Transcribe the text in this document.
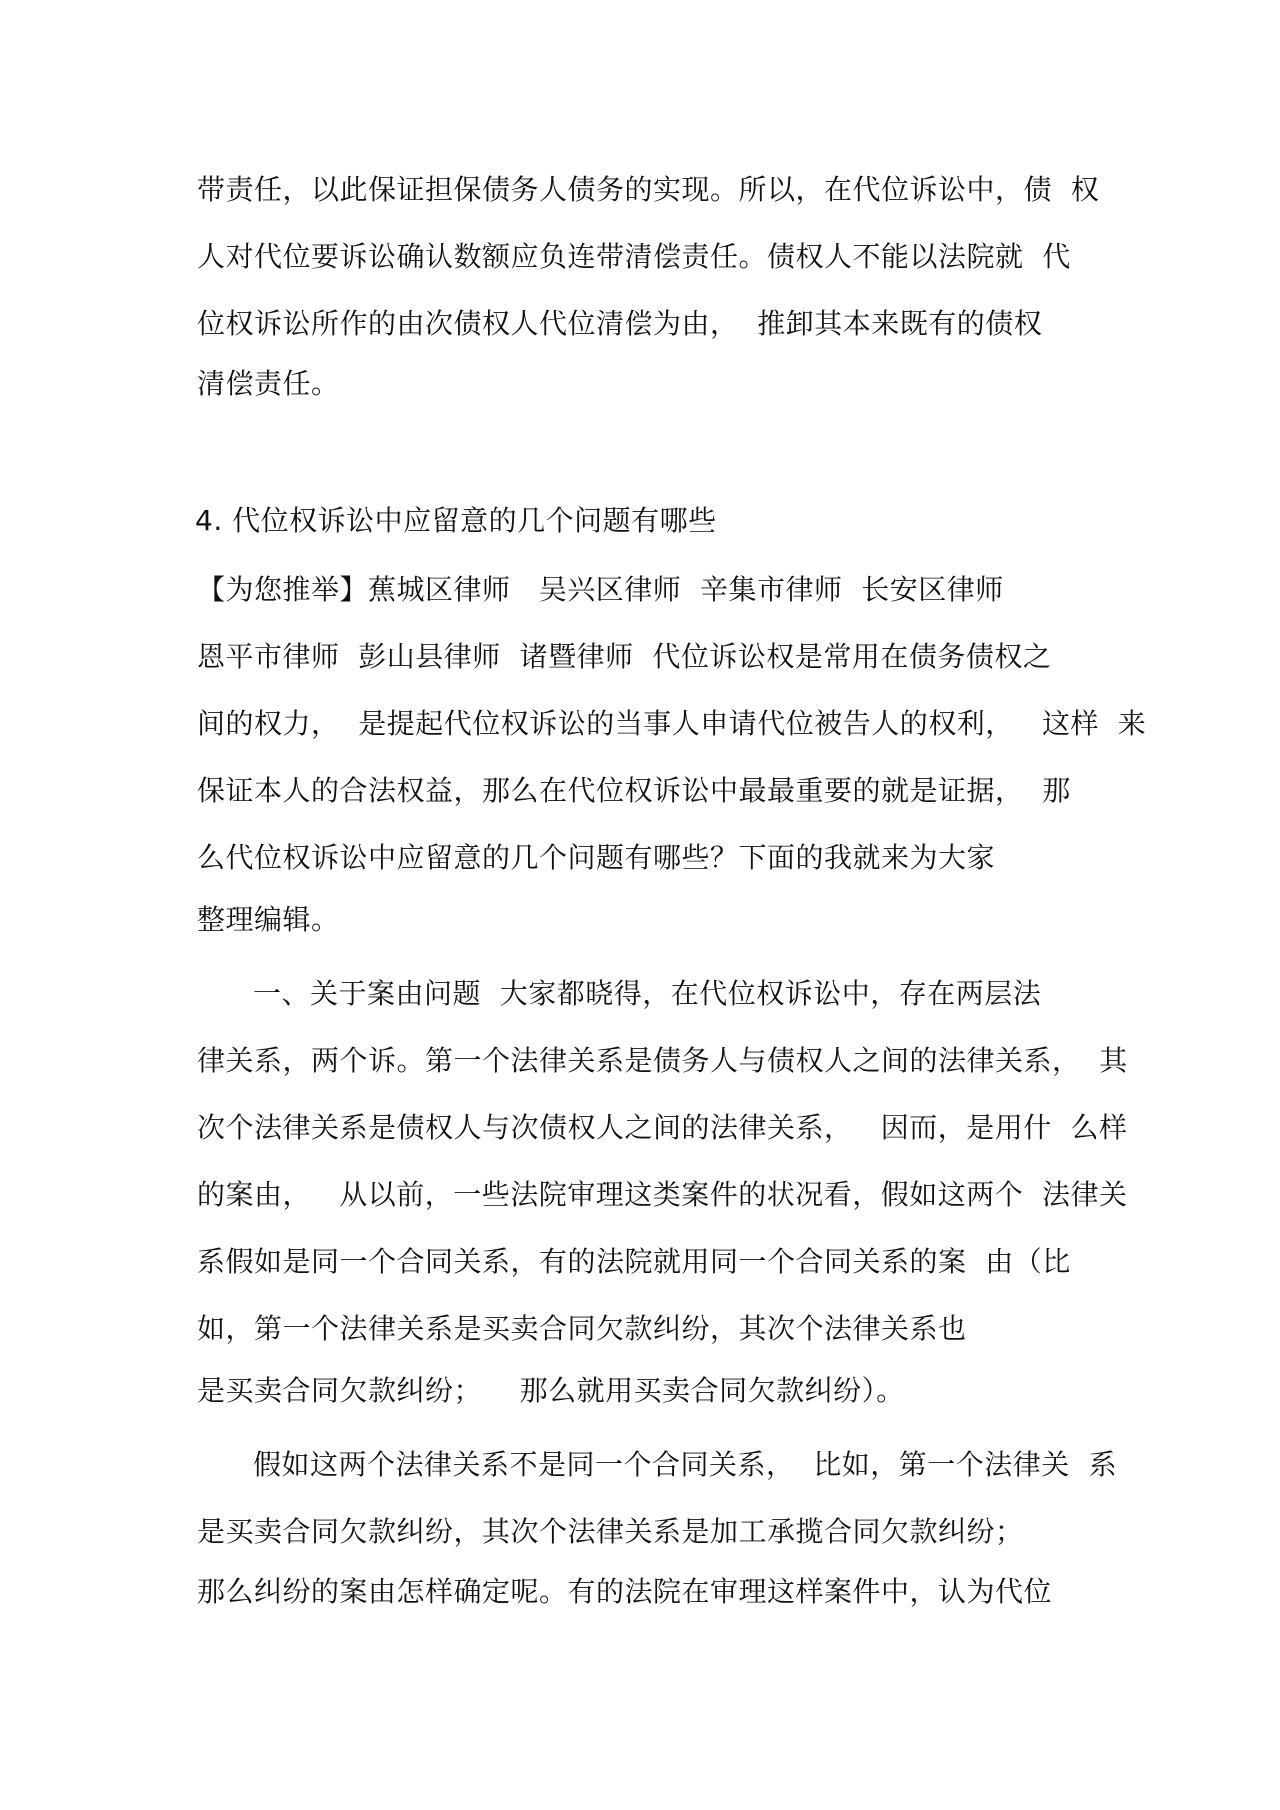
带责任，以此保证担保债务人债务的实现。所以，在代位诉讼中，债  权
人对代位要诉讼确认数额应负连带清偿责任。债权人不能以法院就  代
位权诉讼所作的由次债权人代位清偿为由，  推卸其本来既有的债权
清偿责任。
4. 代位权诉讼中应留意的几个问题有哪些
【为您推举】蕉城区律师   吴兴区律师  辛集市律师  长安区律师
恩平市律师  彭山县律师  诸暨律师  代位诉讼权是常用在债务债权之
间的权力，  是提起代位权诉讼的当事人申请代位被告人的权利，   这样  来
保证本人的合法权益，那么在代位权诉讼中最最重要的就是证据，  那
么代位权诉讼中应留意的几个问题有哪些？下面的我就来为大家
整理编辑。
一、关于案由问题  大家都晓得，在代位权诉讼中，存在两层法
律关系，两个诉。第一个法律关系是债务人与债权人之间的法律关系，  其
次个法律关系是债权人与次债权人之间的法律关系，   因而，是用什  么样
的案由，   从以前，一些法院审理这类案件的状况看，假如这两个  法律关
系假如是同一个合同关系，有的法院就用同一个合同关系的案  由（比
如，第一个法律关系是买卖合同欠款纠纷，其次个法律关系也
是买卖合同欠款纠纷；    那么就用买卖合同欠款纠纷）。
假如这两个法律关系不是同一个合同关系，  比如，第一个法律关  系
是买卖合同欠款纠纷，其次个法律关系是加工承揽合同欠款纠纷；
那么纠纷的案由怎样确定呢。有的法院在审理这样案件中，认为代位
